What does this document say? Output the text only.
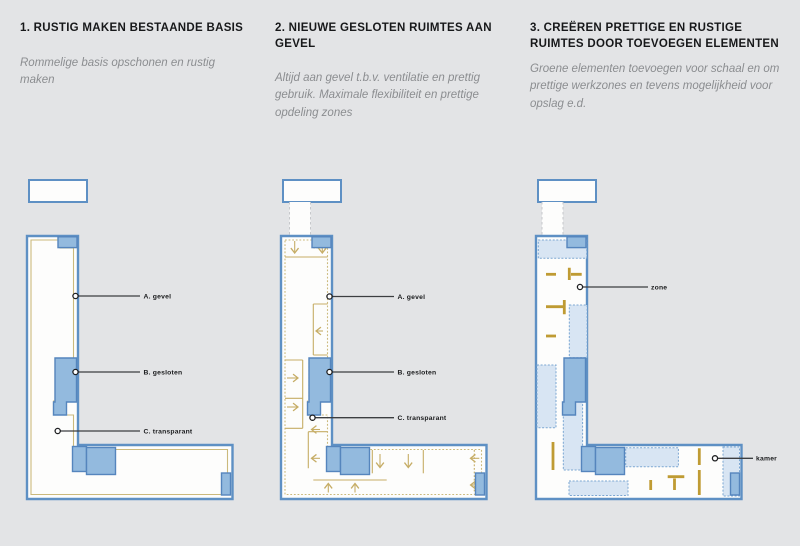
1. RUSTIG MAKEN BESTAANDE BASIS

Rommelige basis opschonen en rustig maken

2. NIEUWE GESLOTEN RUIMTES AAN GEVEL

Altijd aan gevel t.b.v. ventilatie en prettig gebruik. Maximale flexibiliteit en prettige opdeling zones

3. CREËREN PRETTIGE EN RUSTIGE RUIMTES DOOR TOEVOEGEN ELEMENTEN

Groene elementen toevoegen voor schaal en om prettige werkzones en tevens mogelijkheid voor opslag e.d.

A. gevel
B. gesloten
C. transparant
A. gevel
B. gesloten
C. transparant
zone
kamer
